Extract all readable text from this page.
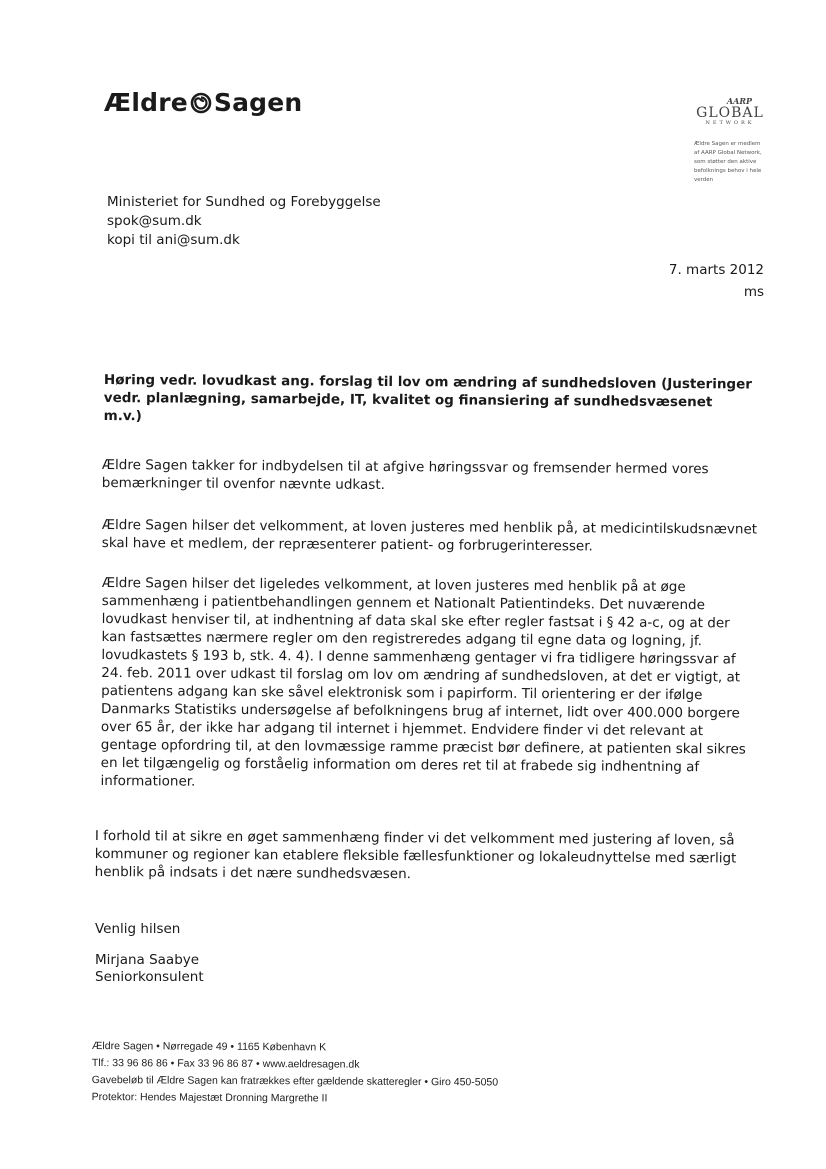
Ældre Sagen	AARP
GLOBAL
NETWORK
Ældre Sagen er medlem
af AARP Global Network,
som støtter den aktive
befolknings behov i hele
verden
Ministeriet for Sundhed og Forebyggelse
spok@sum.dk
kopi til ani@sum.dk
7. marts 2012
ms
Høring vedr. lovudkast ang. forslag til lov om ændring af sundhedsloven (Justeringer
vedr. planlægning, samarbejde, IT, kvalitet og finansiering af sundhedsvæsenet
m.v.)
Ældre Sagen takker for indbydelsen til at afgive høringssvar og fremsender hermed vores
bemærkninger til ovenfor nævnte udkast.
Ældre Sagen hilser det velkomment, at loven justeres med henblik på, at medicintilskudsnævnet
skal have et medlem, der repræsenterer patient- og forbrugerinteresser.
Ældre Sagen hilser det ligeledes velkomment, at loven justeres med henblik på at øge
sammenhæng i patientbehandlingen gennem et Nationalt Patientindeks. Det nuværende
lovudkast henviser til, at indhentning af data skal ske efter regler fastsat i § 42 a-c, og at der
kan fastsættes nærmere regler om den registreredes adgang til egne data og logning, jf.
lovudkastets § 193 b, stk. 4. 4). I denne sammenhæng gentager vi fra tidligere høringssvar af
24. feb. 2011 over udkast til forslag om lov om ændring af sundhedsloven, at det er vigtigt, at
patientens adgang kan ske såvel elektronisk som i papirform. Til orientering er der ifølge
Danmarks Statistiks undersøgelse af befolkningens brug af internet, lidt over 400.000 borgere
over 65 år, der ikke har adgang til internet i hjemmet. Endvidere finder vi det relevant at
gentage opfordring til, at den lovmæssige ramme præcist bør definere, at patienten skal sikres
en let tilgængelig og forståelig information om deres ret til at frabede sig indhentning af
informationer.
I forhold til at sikre en øget sammenhæng finder vi det velkomment med justering af loven, så
kommuner og regioner kan etablere fleksible fællesfunktioner og lokaleudnyttelse med særligt
henblik på indsats i det nære sundhedsvæsen.
Venlig hilsen
Mirjana Saabye
Seniorkonsulent
Ældre Sagen • Nørregade 49 • 1165 København K
Tlf.: 33 96 86 86 • Fax 33 96 86 87 • www.aeldresagen.dk
Gavebeløb til Ældre Sagen kan fratrækkes efter gældende skatteregler • Giro 450-5050
Protektor: Hendes Majestæt Dronning Margrethe II
